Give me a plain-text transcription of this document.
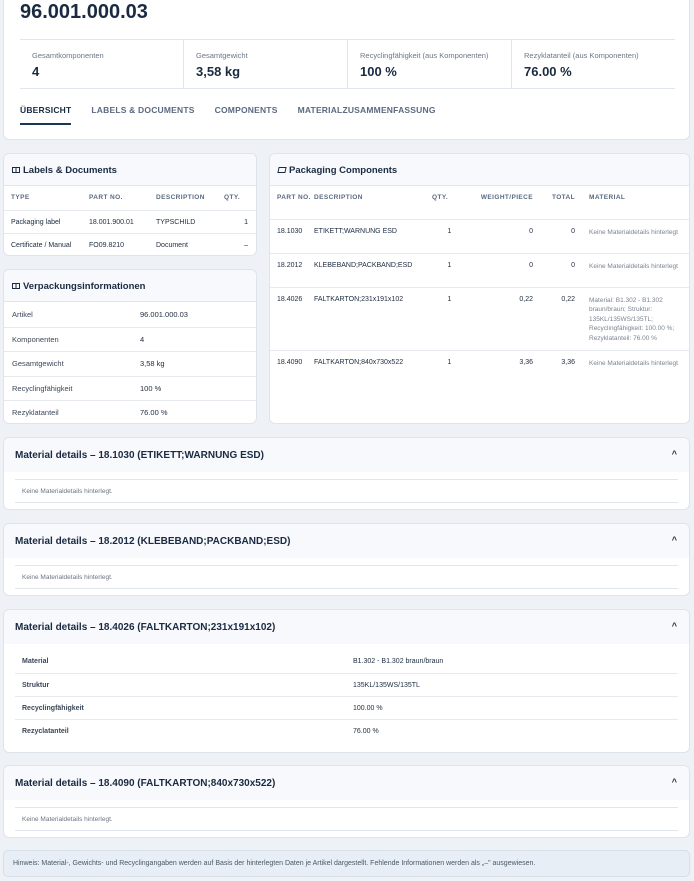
96.001.000.03
Gesamtkomponenten
4
Gesamtgewicht
3,58 kg
Recyclingfähigkeit (aus Komponenten)
100 %
Rezyklatanteil (aus Komponenten)
76.00 %
ÜBERSICHT LABELS & DOCUMENTS COMPONENTS MATERIALZUSAMMENFASSUNG
Labels & Documents
TYPE	PART NO.	DESCRIPTION	QTY.
Packaging label	18.001.900.01	TYPSCHILD	1
Certificate / Manual	FO09.8210	Document	–
Verpackungsinformationen
Artikel	96.001.000.03
Komponenten	4
Gesamtgewicht	3,58 kg
Recyclingfähigkeit	100 %
Rezyklatanteil	76.00 %
Packaging Components
PART NO.	DESCRIPTION	QTY.	WEIGHT/PIECE	TOTAL	MATERIAL
18.1030	ETIKETT;WARNUNG ESD	1	0	0	Keine Materialdetails hinterlegt
18.2012	KLEBEBAND;PACKBAND;ESD	1	0	0	Keine Materialdetails hinterlegt
18.4026	FALTKARTON;231x191x102	1	0,22	0,22	Material: B1.302 - B1.302 braun/braun; Struktur: 135KL/135WS/135TL; Recyclingfähigkeit: 100.00 %; Rezyklatanteil: 76.00 %
18.4090	FALTKARTON;840x730x522	1	3,36	3,36	Keine Materialdetails hinterlegt
Material details – 18.1030 (ETIKETT;WARNUNG ESD)	^
Keine Materialdetails hinterlegt.
Material details – 18.2012 (KLEBEBAND;PACKBAND;ESD)	^
Keine Materialdetails hinterlegt.
Material details – 18.4026 (FALTKARTON;231x191x102)	^
Material	B1.302 - B1.302 braun/braun
Struktur	135KL/135WS/135TL
Recyclingfähigkeit	100.00 %
Rezyclatanteil	76.00 %
Material details – 18.4090 (FALTKARTON;840x730x522)	^
Keine Materialdetails hinterlegt.
Hinweis: Material-, Gewichts- und Recyclingangaben werden auf Basis der hinterlegten Daten je Artikel dargestellt. Fehlende Informationen werden als „–" ausgewiesen.
